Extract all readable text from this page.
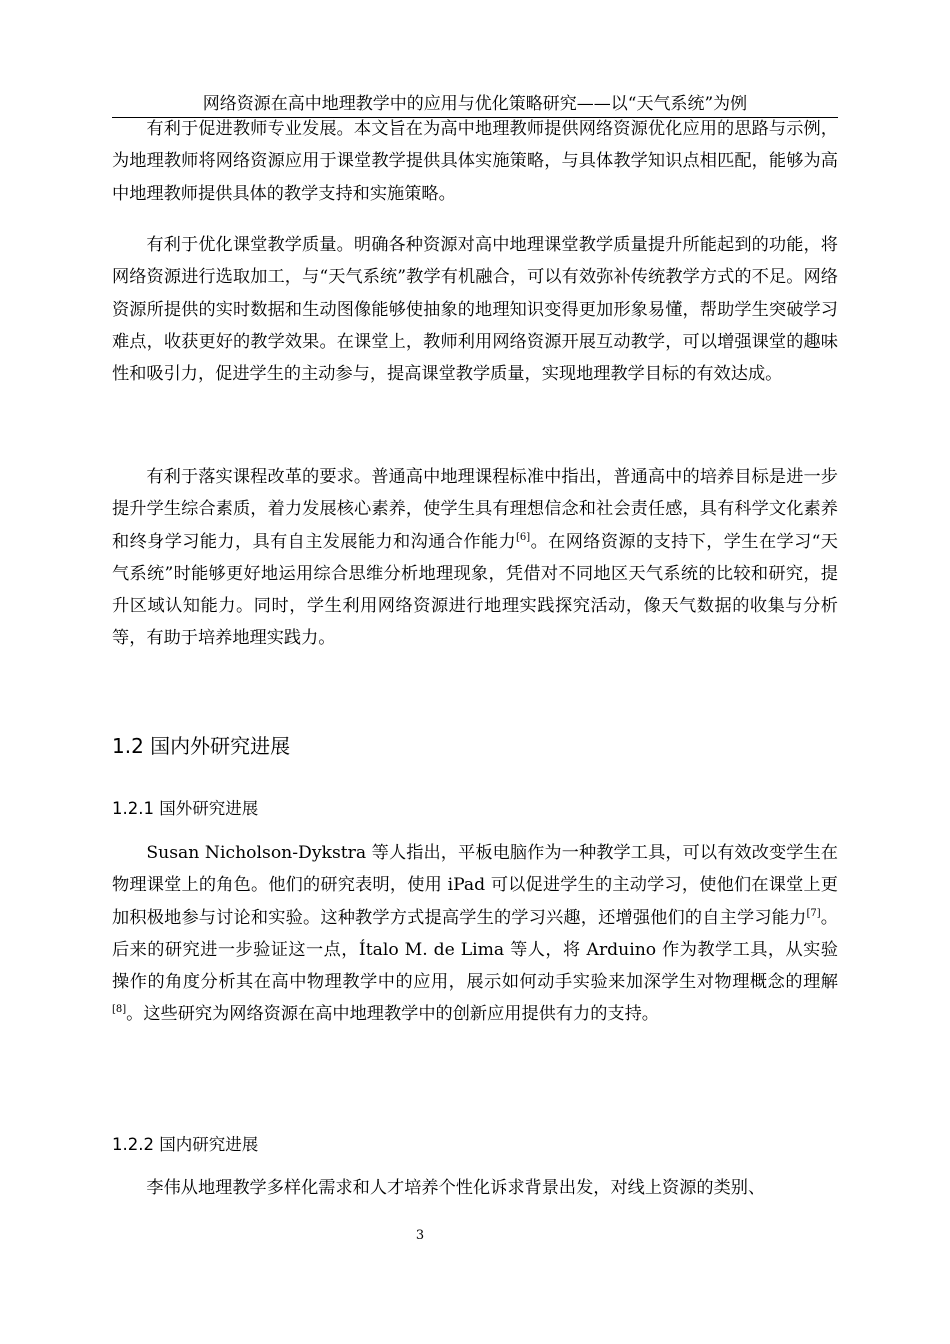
网络资源在高中地理教学中的应用与优化策略研究——以“天气系统”为例

有利于促进教师专业发展。本文旨在为高中地理教师提供网络资源优化应用的思路与示例，为地理教师将网络资源应用于课堂教学提供具体实施策略，与具体教学知识点相匹配，能够为高中地理教师提供具体的教学支持和实施策略。

有利于优化课堂教学质量。明确各种资源对高中地理课堂教学质量提升所能起到的功能，将网络资源进行选取加工，与“天气系统”教学有机融合，可以有效弥补传统教学方式的不足。网络资源所提供的实时数据和生动图像能够使抽象的地理知识变得更加形象易懂，帮助学生突破学习难点，收获更好的教学效果。在课堂上，教师利用网络资源开展互动教学，可以增强课堂的趣味性和吸引力，促进学生的主动参与，提高课堂教学质量，实现地理教学目标的有效达成。

有利于落实课程改革的要求。普通高中地理课程标准中指出，普通高中的培养目标是进一步提升学生综合素质，着力发展核心素养，使学生具有理想信念和社会责任感，具有科学文化素养和终身学习能力，具有自主发展能力和沟通合作能力[6]。在网络资源的支持下，学生在学习“天气系统”时能够更好地运用综合思维分析地理现象，凭借对不同地区天气系统的比较和研究，提升区域认知能力。同时，学生利用网络资源进行地理实践探究活动，像天气数据的收集与分析等，有助于培养地理实践力。

1.2 国内外研究进展
1.2.1 国外研究进展

Susan Nicholson-Dykstra 等人指出，平板电脑作为一种教学工具，可以有效改变学生在物理课堂上的角色。他们的研究表明，使用 iPad 可以促进学生的主动学习，使他们在课堂上更加积极地参与讨论和实验。这种教学方式提高学生的学习兴趣，还增强他们的自主学习能力[7]。后来的研究进一步验证这一点，Ítalo M. de Lima 等人，将 Arduino 作为教学工具，从实验操作的角度分析其在高中物理教学中的应用，展示如何动手实验来加深学生对物理概念的理解[8]。这些研究为网络资源在高中地理教学中的创新应用提供有力的支持。

1.2.2 国内研究进展

李伟从地理教学多样化需求和人才培养个性化诉求背景出发，对线上资源的类别、

3
